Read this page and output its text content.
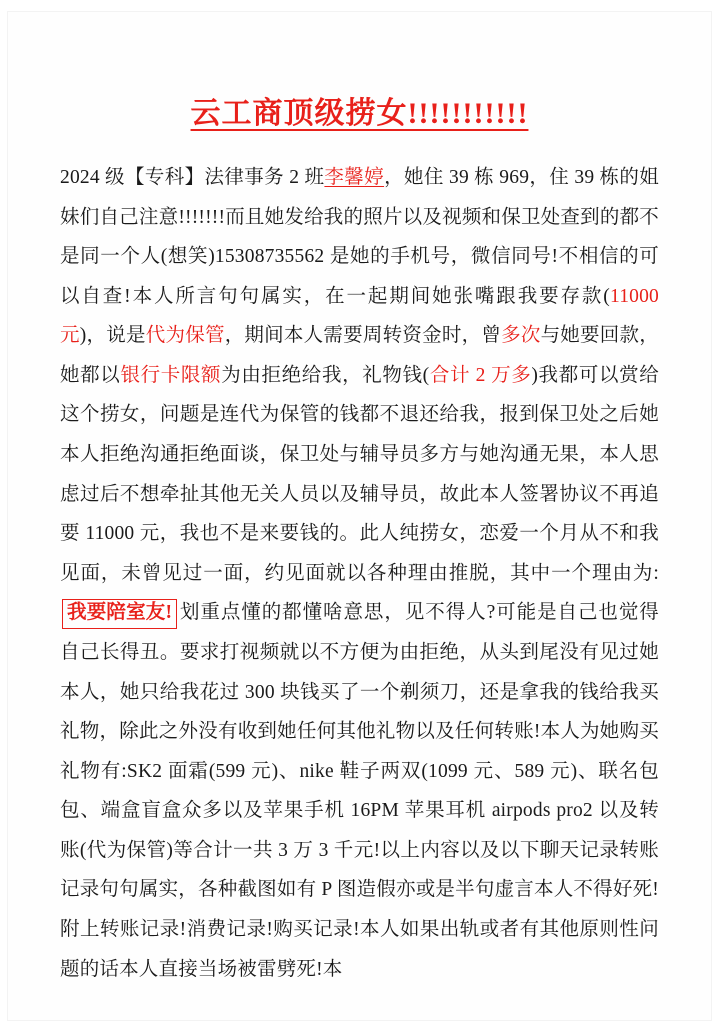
云工商顶级捞女!!!!!!!!!!!
2024 级【专科】法律事务 2 班李馨婷，她住 39 栋 969，住 39 栋的姐妹们自己注意!!!!!!!而且她发给我的照片以及视频和保卫处查到的都不是同一个人(想笑)15308735562 是她的手机号，微信同号!不相信的可以自查!本人所言句句属实，在一起期间她张嘴跟我要存款(11000 元)，说是代为保管，期间本人需要周转资金时，曾多次与她要回款，她都以银行卡限额为由拒绝给我，礼物钱(合计 2 万多)我都可以赏给这个捞女，问题是连代为保管的钱都不退还给我，报到保卫处之后她本人拒绝沟通拒绝面谈，保卫处与辅导员多方与她沟通无果，本人思虑过后不想牵扯其他无关人员以及辅导员，故此本人签署协议不再追要 11000 元，我也不是来要钱的。此人纯捞女，恋爱一个月从不和我见面，未曾见过一面，约见面就以各种理由推脱，其中一个理由为:我要陪室友! 划重点懂的都懂啥意思，见不得人?可能是自己也觉得自己长得丑。要求打视频就以不方便为由拒绝，从头到尾没有见过她本人，她只给我花过 300 块钱买了一个剃须刀，还是拿我的钱给我买礼物，除此之外没有收到她任何其他礼物以及任何转账!本人为她购买礼物有:SK2 面霜(599 元)、nike 鞋子两双(1099 元、589 元)、联名包包、端盒盲盒众多以及苹果手机 16PM 苹果耳机 airpods pro2 以及转账(代为保管)等合计一共 3 万 3 千元!以上内容以及以下聊天记录转账记录句句属实，各种截图如有 P 图造假亦或是半句虚言本人不得好死!附上转账记录!消费记录!购买记录!本人如果出轨或者有其他原则性问题的话本人直接当场被雷劈死!本
